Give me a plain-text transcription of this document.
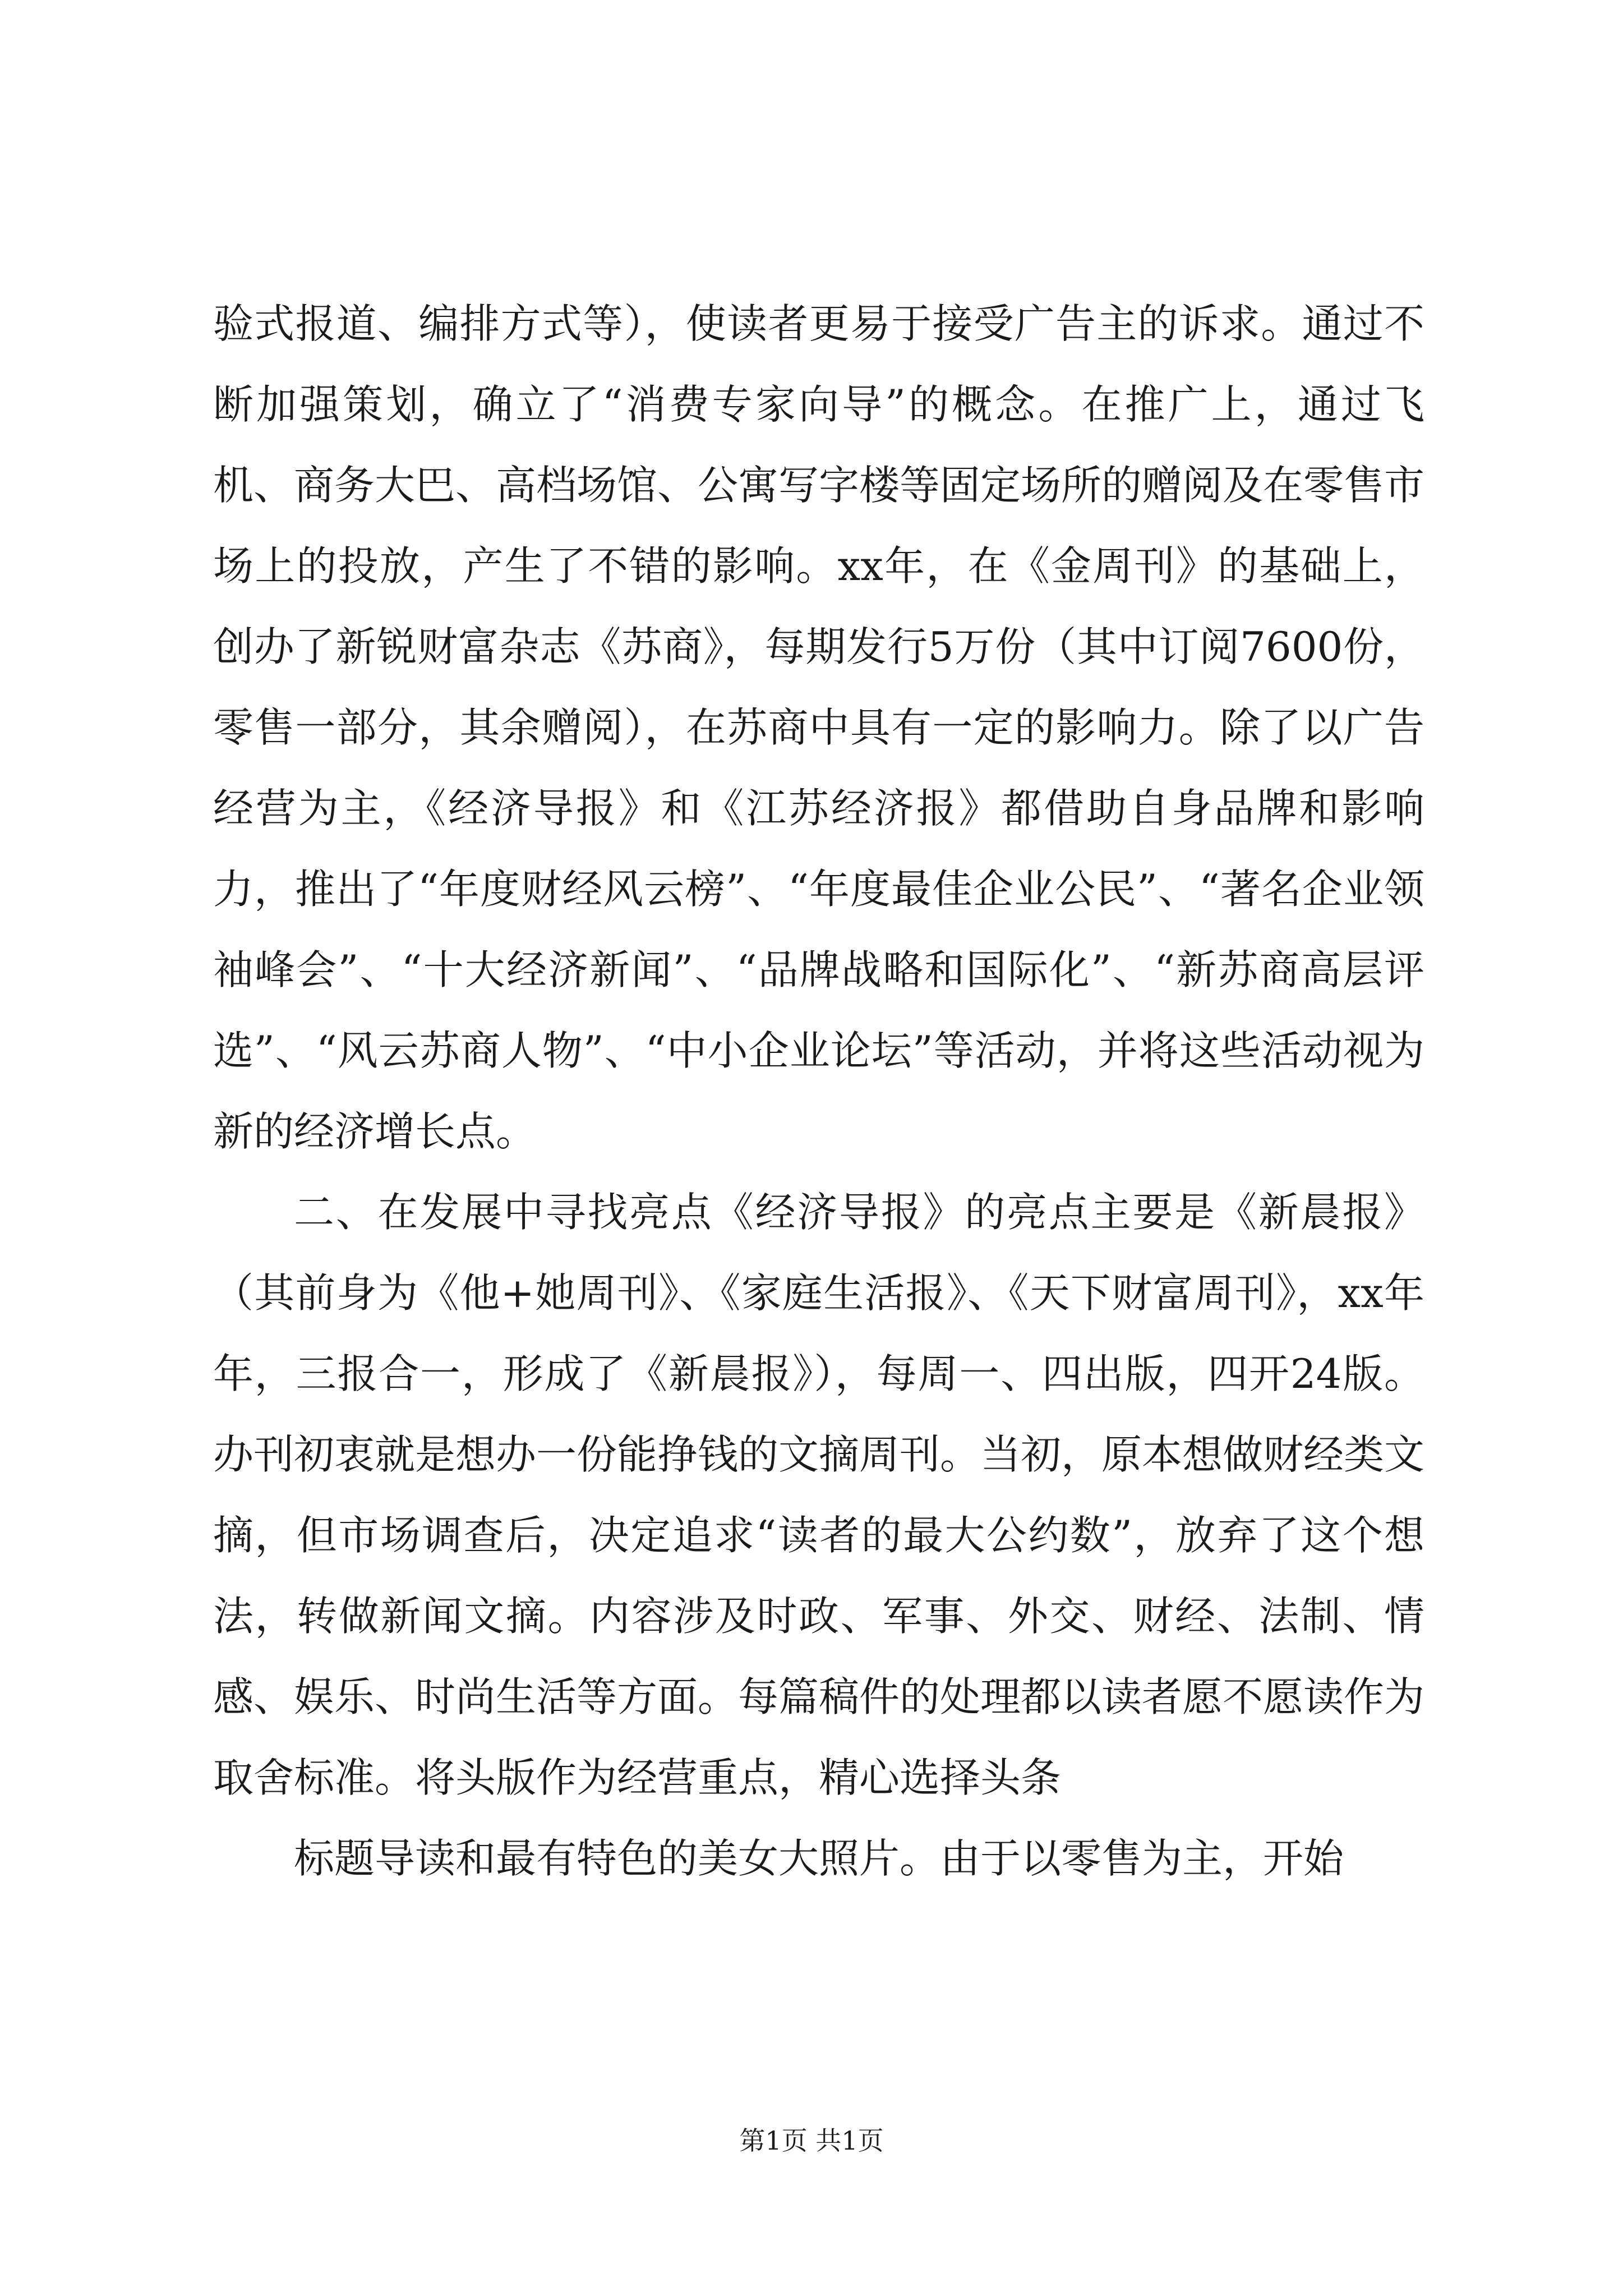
验式报道、编排方式等），使读者更易于接受广告主的诉求。通过不断加强策划，确立了“消费专家向导”的概念。在推广上，通过飞机、商务大巴、高档场馆、公寓写字楼等固定场所的赠阅及在零售市场上的投放，产生了不错的影响。xx年，在《金周刊》的基础上，创办了新锐财富杂志《苏商》，每期发行5万份（其中订阅7600份，零售一部分，其余赠阅），在苏商中具有一定的影响力。除了以广告经营为主，《经济导报》和《江苏经济报》都借助自身品牌和影响力，推出了“年度财经风云榜”、“年度最佳企业公民”、“著名企业领袖峰会”、“十大经济新闻”、“品牌战略和国际化”、“新苏商高层评选”、“风云苏商人物”、“中小企业论坛”等活动，并将这些活动视为新的经济增长点。

二、在发展中寻找亮点《经济导报》的亮点主要是《新晨报》（其前身为《他+她周刊》、《家庭生活报》、《天下财富周刊》，xx年年，三报合一，形成了《新晨报》），每周一、四出版，四开24版。办刊初衷就是想办一份能挣钱的文摘周刊。当初，原本想做财经类文摘，但市场调查后，决定追求“读者的最大公约数”，放弃了这个想法，转做新闻文摘。内容涉及时政、军事、外交、财经、法制、情感、娱乐、时尚生活等方面。每篇稿件的处理都以读者愿不愿读作为取舍标准。将头版作为经营重点，精心选择头条

标题导读和最有特色的美女大照片。由于以零售为主，开始

第1页 共1页
